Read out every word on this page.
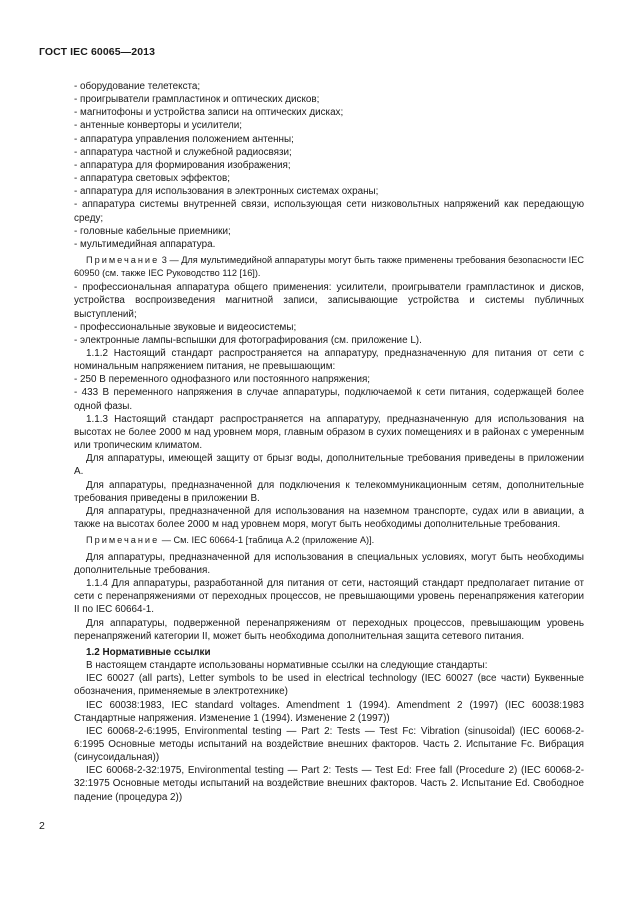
ГОСТ IEC 60065—2013

- оборудование телетекста;

- проигрыватели грампластинок и оптических дисков;

- магнитофоны и устройства записи на оптических дисках;

- антенные конверторы и усилители;

- аппаратура управления положением антенны;

- аппаратура частной и служебной радиосвязи;

- аппаратура для формирования изображения;

- аппаратура световых эффектов;

- аппаратура для использования в электронных системах охраны;

- аппаратура системы внутренней связи, использующая сети низковольтных напряжений как передающую среду;

- головные кабельные приемники;

- мультимедийная аппаратура.

Примечание 3 — Для мультимедийной аппаратуры могут быть также применены требования безопасности IEC 60950 (см. также IEC Руководство 112 [16]).

- профессиональная аппаратура общего применения: усилители, проигрыватели грампластинок и дисков, устройства воспроизведения магнитной записи, записывающие устройства и системы публичных выступлений;

- профессиональные звуковые и видеосистемы;

- электронные лампы-вспышки для фотографирования (см. приложение L).

1.1.2 Настоящий стандарт распространяется на аппаратуру, предназначенную для питания от сети с номинальным напряжением питания, не превышающим:

- 250 В переменного однофазного или постоянного напряжения;

- 433 В переменного напряжения в случае аппаратуры, подключаемой к сети питания, содержащей более одной фазы.

1.1.3 Настоящий стандарт распространяется на аппаратуру, предназначенную для использования на высотах не более 2000 м над уровнем моря, главным образом в сухих помещениях и в районах с умеренным или тропическим климатом.

Для аппаратуры, имеющей защиту от брызг воды, дополнительные требования приведены в приложении А.

Для аппаратуры, предназначенной для подключения к телекоммуникационным сетям, дополнительные требования приведены в приложении В.

Для аппаратуры, предназначенной для использования на наземном транспорте, судах или в авиации, а также на высотах более 2000 м над уровнем моря, могут быть необходимы дополнительные требования.

Примечание — См. IEC 60664-1 [таблица А.2 (приложение А)].

Для аппаратуры, предназначенной для использования в специальных условиях, могут быть необходимы дополнительные требования.

1.1.4 Для аппаратуры, разработанной для питания от сети, настоящий стандарт предполагает питание от сети с перенапряжениями от переходных процессов, не превышающими уровень перенапряжения категории II по IEC 60664-1.

Для аппаратуры, подверженной перенапряжениям от переходных процессов, превышающим уровень перенапряжений категории II, может быть необходима дополнительная защита сетевого питания.

1.2 Нормативные ссылки

В настоящем стандарте использованы нормативные ссылки на следующие стандарты:

IEC 60027 (all parts), Letter symbols to be used in electrical technology (IEC 60027 (все части) Буквенные обозначения, применяемые в электротехнике)

IEC 60038:1983, IEC standard voltages. Amendment 1 (1994). Amendment 2 (1997) (IEC 60038:1983 Стандартные напряжения. Изменение 1 (1994). Изменение 2 (1997))

IEC 60068-2-6:1995, Environmental testing — Part 2: Tests — Test Fc: Vibration (sinusoidal) (IEC 60068-2-6:1995 Основные методы испытаний на воздействие внешних факторов. Часть 2. Испытание Fc. Вибрация (синусоидальная))

IEC 60068-2-32:1975, Environmental testing — Part 2: Tests — Test Ed: Free fall (Procedure 2) (IEC 60068-2-32:1975 Основные методы испытаний на воздействие внешних факторов. Часть 2. Испытание Ed. Свободное падение (процедура 2))

2
